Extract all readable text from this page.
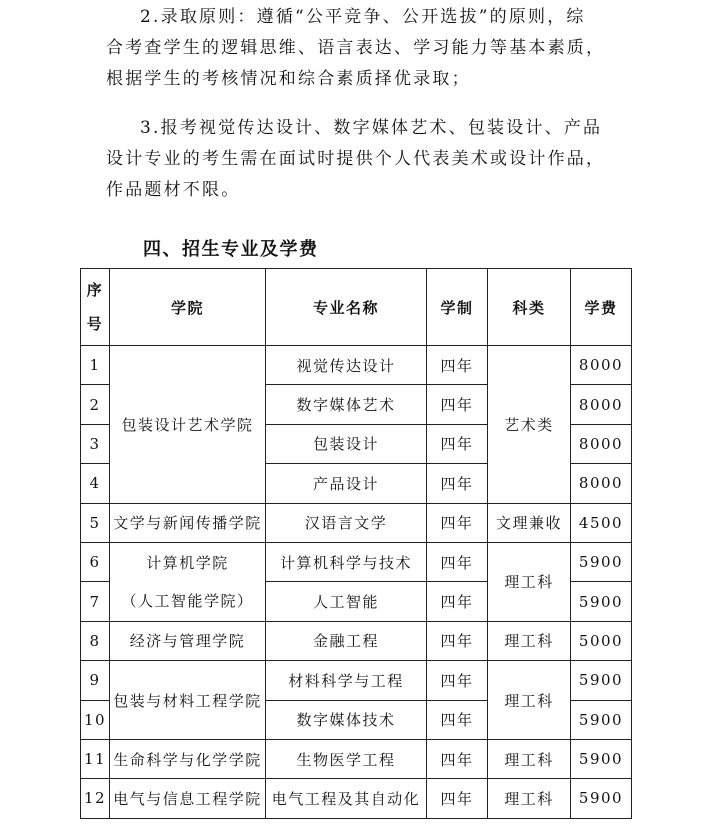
2.录取原则：遵循“公平竞争、公开选拔”的原则，综
合考查学生的逻辑思维、语言表达、学习能力等基本素质，
根据学生的考核情况和综合素质择优录取；
3.报考视觉传达设计、数字媒体艺术、包装设计、产品
设计专业的考生需在面试时提供个人代表美术或设计作品，
作品题材不限。
四、招生专业及学费
序
号	学院	专业名称	学制	科类	学费
1	包装设计艺术学院	视觉传达设计	四年	艺术类	8000
2		数字媒体艺术	四年		8000
3		包装设计	四年		8000
4		产品设计	四年		8000
5	文学与新闻传播学院	汉语言文学	四年	文理兼收	4500
6	计算机学院
（人工智能学院）	计算机科学与技术	四年	理工科	5900
7		人工智能	四年		5900
8	经济与管理学院	金融工程	四年	理工科	5000
9	包装与材料工程学院	材料科学与工程	四年	理工科	5900
10		数字媒体技术	四年		5900
11	生命科学与化学学院	生物医学工程	四年	理工科	5900
12	电气与信息工程学院	电气工程及其自动化	四年	理工科	5900
